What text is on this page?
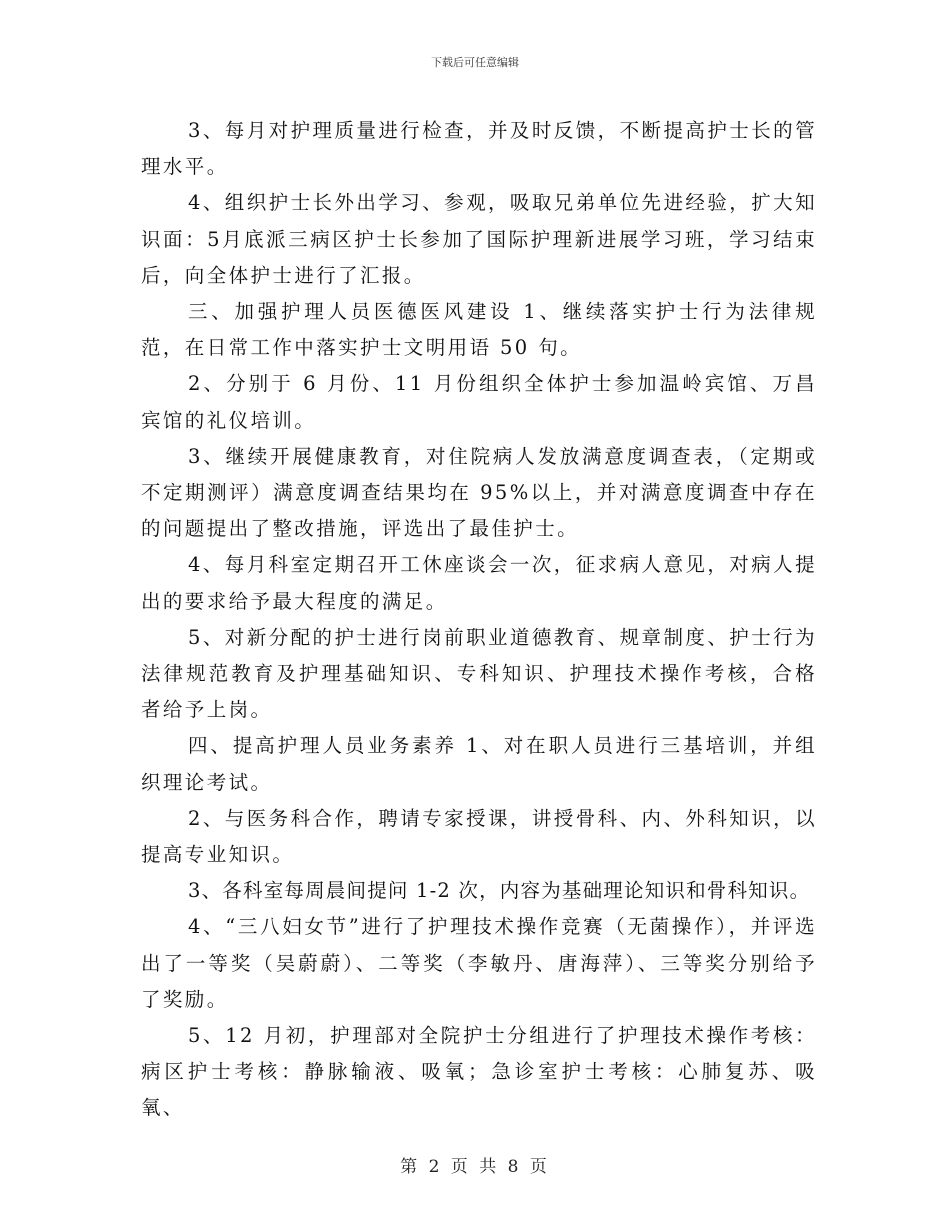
下载后可任意编辑

3、每月对护理质量进行检查，并及时反馈，不断提高护士长的管理水平。

4、组织护士长外出学习、参观，吸取兄弟单位先进经验，扩大知识面：5月底派三病区护士长参加了国际护理新进展学习班，学习结束后，向全体护士进行了汇报。

三、加强护理人员医德医风建设 1、继续落实护士行为法律规范，在日常工作中落实护士文明用语 50 句。

2、分别于 6 月份、11 月份组织全体护士参加温岭宾馆、万昌宾馆的礼仪培训。

3、继续开展健康教育，对住院病人发放满意度调查表，（定期或不定期测评）满意度调查结果均在 95%以上，并对满意度调查中存在的问题提出了整改措施，评选出了最佳护士。

4、每月科室定期召开工休座谈会一次，征求病人意见，对病人提出的要求给予最大程度的满足。

5、对新分配的护士进行岗前职业道德教育、规章制度、护士行为法律规范教育及护理基础知识、专科知识、护理技术操作考核，合格者给予上岗。

四、提高护理人员业务素养 1、对在职人员进行三基培训，并组织理论考试。

2、与医务科合作，聘请专家授课，讲授骨科、内、外科知识，以提高专业知识。

3、各科室每周晨间提问 1-2 次，内容为基础理论知识和骨科知识。

4、“三八妇女节”进行了护理技术操作竞赛（无菌操作），并评选出了一等奖（吴蔚蔚）、二等奖（李敏丹、唐海萍）、三等奖分别给予了奖励。

5、12 月初，护理部对全院护士分组进行了护理技术操作考核：病区护士考核：静脉输液、吸氧；急诊室护士考核：心肺复苏、吸氧、

第 2 页 共 8 页
